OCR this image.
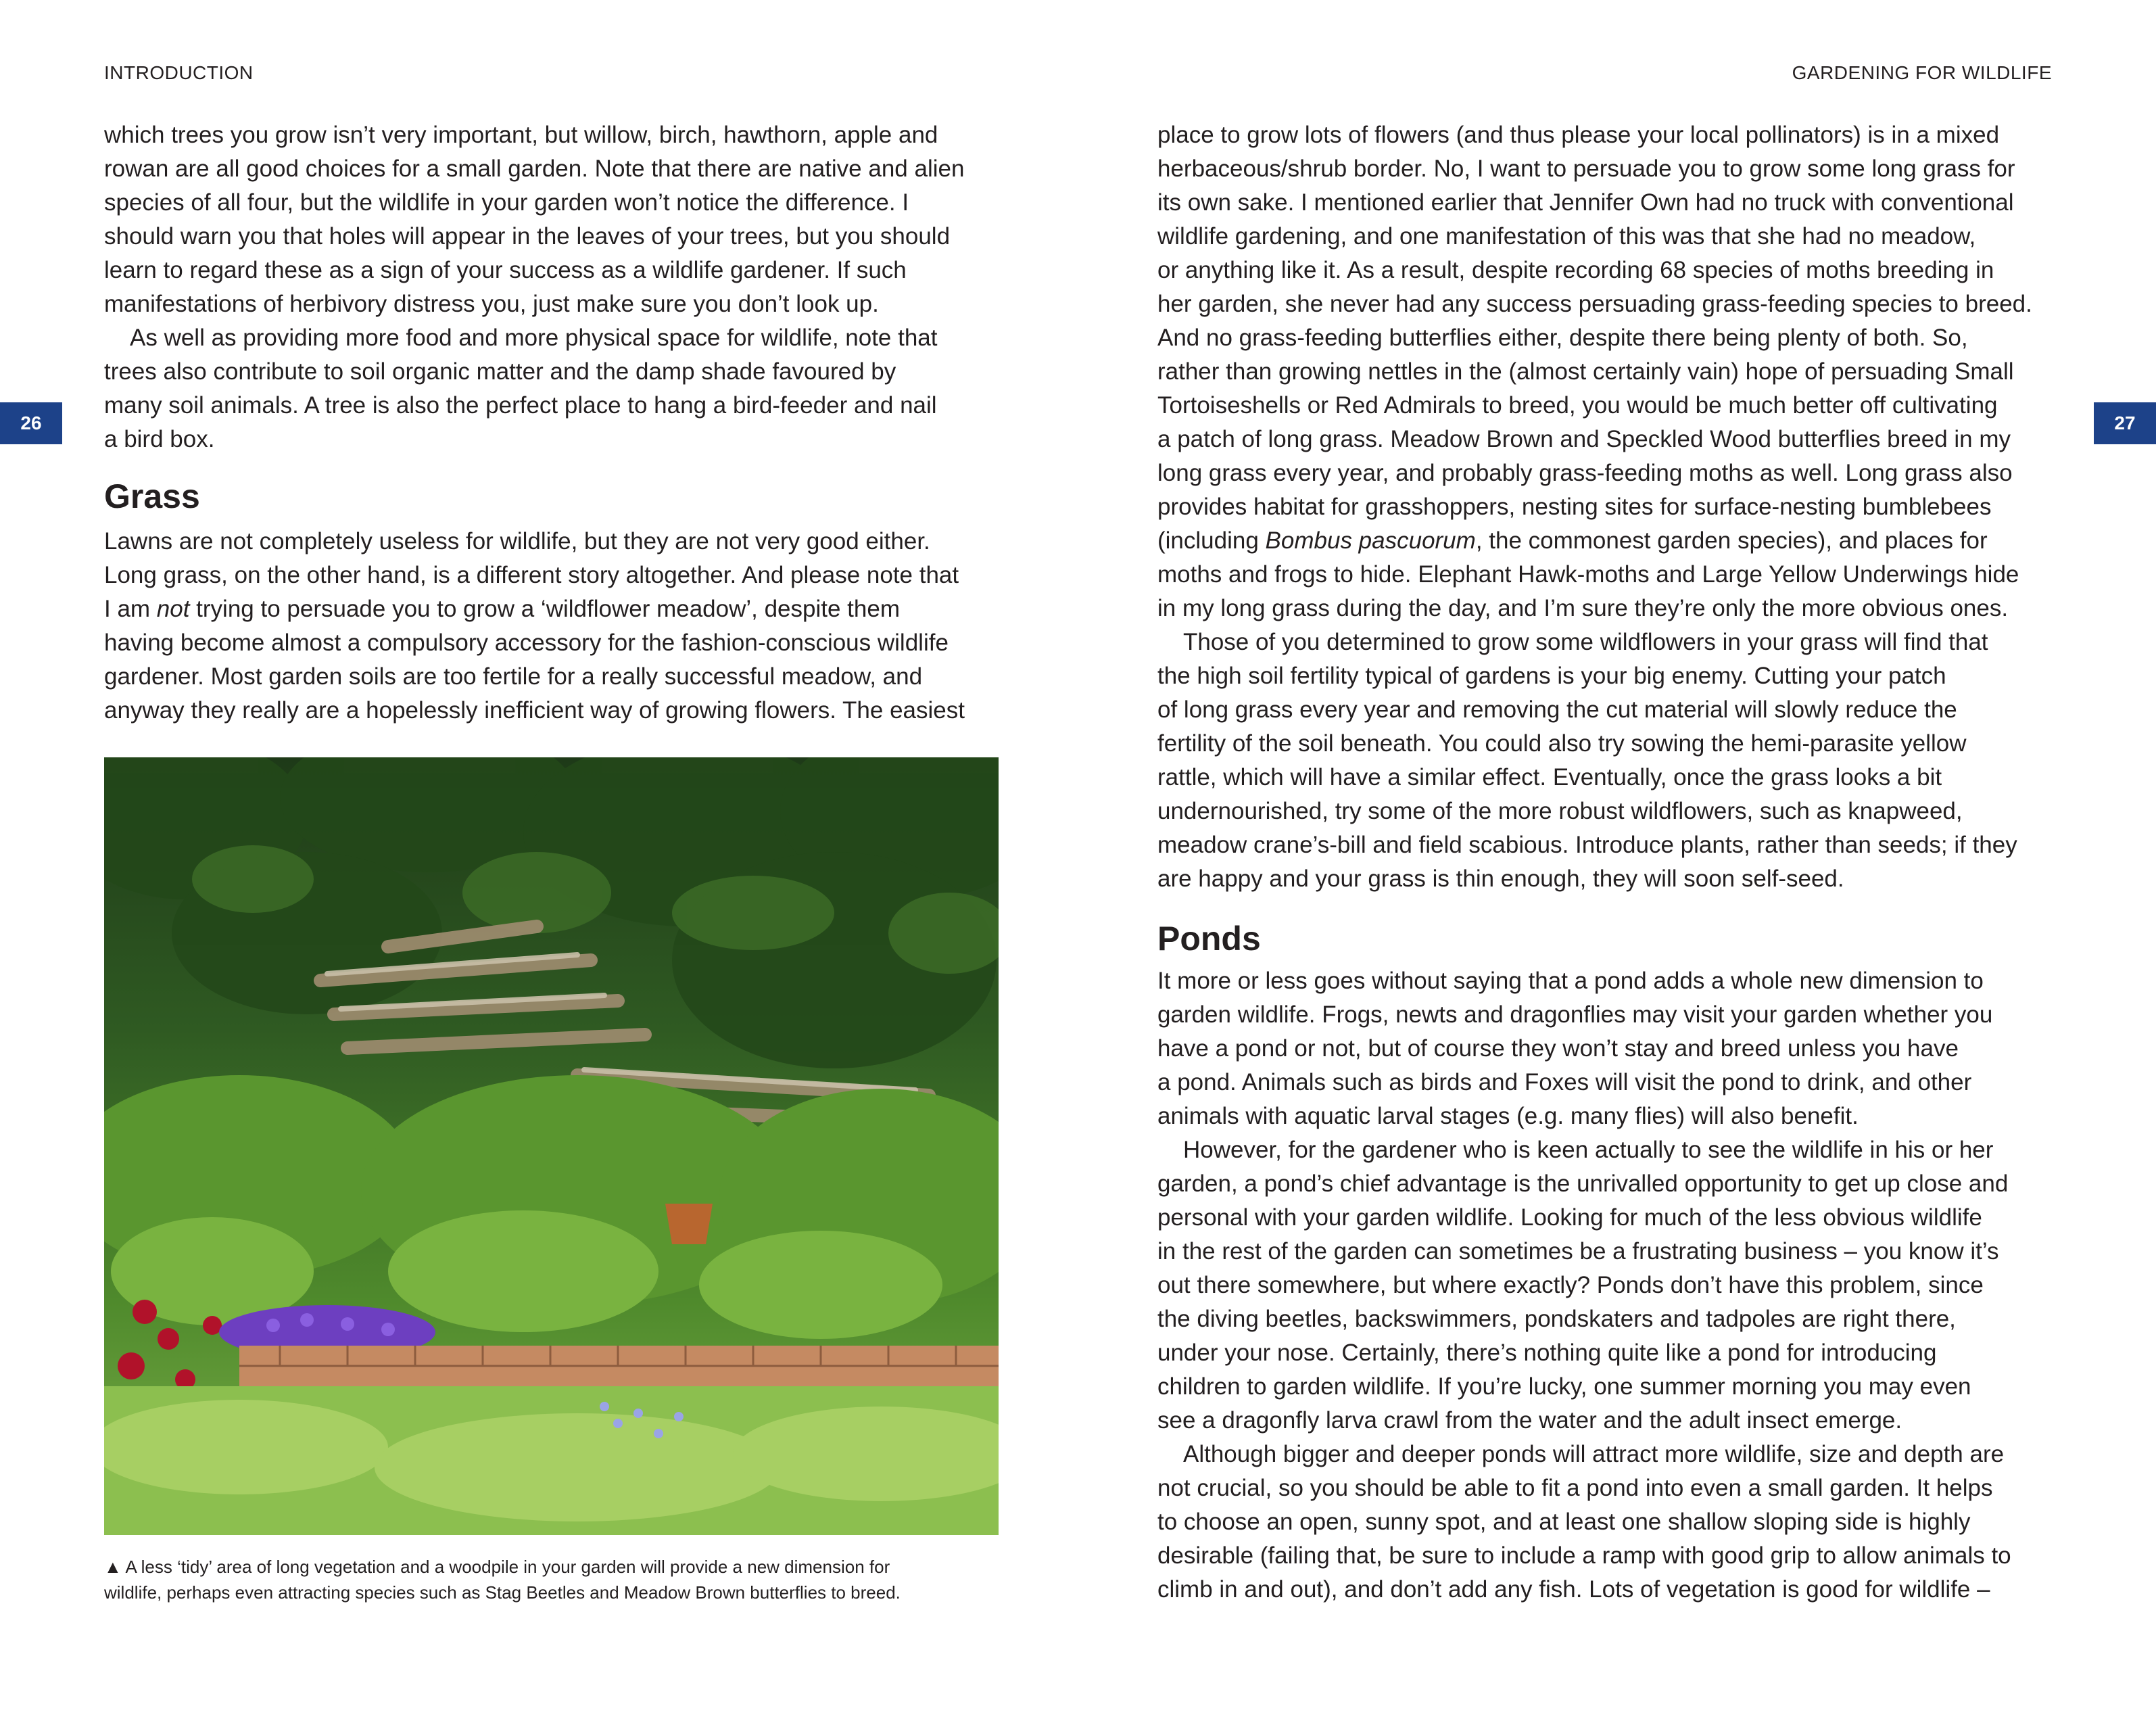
INTRODUCTION
26

which trees you grow isn’t very important, but willow, birch, hawthorn, apple and
rowan are all good choices for a small garden. Note that there are native and alien
species of all four, but the wildlife in your garden won’t notice the difference. I
should warn you that holes will appear in the leaves of your trees, but you should
learn to regard these as a sign of your success as a wildlife gardener. If such
manifestations of herbivory distress you, just make sure you don’t look up.

As well as providing more food and more physical space for wildlife, note that
trees also contribute to soil organic matter and the damp shade favoured by
many soil animals. A tree is also the perfect place to hang a bird-feeder and nail
a bird box.

Grass
Lawns are not completely useless for wildlife, but they are not very good either.
Long grass, on the other hand, is a different story altogether. And please note that
I am not trying to persuade you to grow a ‘wildflower meadow’, despite them
having become almost a compulsory accessory for the fashion-conscious wildlife
gardener. Most garden soils are too fertile for a really successful meadow, and
anyway they really are a hopelessly inefficient way of growing flowers. The easiest
▲ A less ‘tidy’ area of long vegetation and a woodpile in your garden will provide a new dimension for
wildlife, perhaps even attracting species such as Stag Beetles and Meadow Brown butterflies to breed.
GARDENING FOR WILDLIFE
27
place to grow lots of flowers (and thus please your local pollinators) is in a mixed
herbaceous/shrub border. No, I want to persuade you to grow some long grass for
its own sake. I mentioned earlier that Jennifer Own had no truck with conventional
wildlife gardening, and one manifestation of this was that she had no meadow,
or anything like it. As a result, despite recording 68 species of moths breeding in
her garden, she never had any success persuading grass-feeding species to breed.
And no grass-feeding butterflies either, despite there being plenty of both. So,
rather than growing nettles in the (almost certainly vain) hope of persuading Small
Tortoiseshells or Red Admirals to breed, you would be much better off cultivating
a patch of long grass. Meadow Brown and Speckled Wood butterflies breed in my
long grass every year, and probably grass-feeding moths as well. Long grass also
provides habitat for grasshoppers, nesting sites for surface-nesting bumblebees
(including Bombus pascuorum, the commonest garden species), and places for
moths and frogs to hide. Elephant Hawk-moths and Large Yellow Underwings hide
in my long grass during the day, and I’m sure they’re only the more obvious ones.
Those of you determined to grow some wildflowers in your grass will find that
the high soil fertility typical of gardens is your big enemy. Cutting your patch
of long grass every year and removing the cut material will slowly reduce the
fertility of the soil beneath. You could also try sowing the hemi-parasite yellow
rattle, which will have a similar effect. Eventually, once the grass looks a bit
undernourished, try some of the more robust wildflowers, such as knapweed,
meadow crane’s-bill and field scabious. Introduce plants, rather than seeds; if they
are happy and your grass is thin enough, they will soon self-seed.
Ponds
It more or less goes without saying that a pond adds a whole new dimension to
garden wildlife. Frogs, newts and dragonflies may visit your garden whether you
have a pond or not, but of course they won’t stay and breed unless you have
a pond. Animals such as birds and Foxes will visit the pond to drink, and other
animals with aquatic larval stages (e.g. many flies) will also benefit.
However, for the gardener who is keen actually to see the wildlife in his or her
garden, a pond’s chief advantage is the unrivalled opportunity to get up close and
personal with your garden wildlife. Looking for much of the less obvious wildlife
in the rest of the garden can sometimes be a frustrating business – you know it’s
out there somewhere, but where exactly? Ponds don’t have this problem, since
the diving beetles, backswimmers, pondskaters and tadpoles are right there,
under your nose. Certainly, there’s nothing quite like a pond for introducing
children to garden wildlife. If you’re lucky, one summer morning you may even
see a dragonfly larva crawl from the water and the adult insect emerge.
Although bigger and deeper ponds will attract more wildlife, size and depth are
not crucial, so you should be able to fit a pond into even a small garden. It helps
to choose an open, sunny spot, and at least one shallow sloping side is highly
desirable (failing that, be sure to include a ramp with good grip to allow animals to
climb in and out), and don’t add any fish. Lots of vegetation is good for wildlife –
